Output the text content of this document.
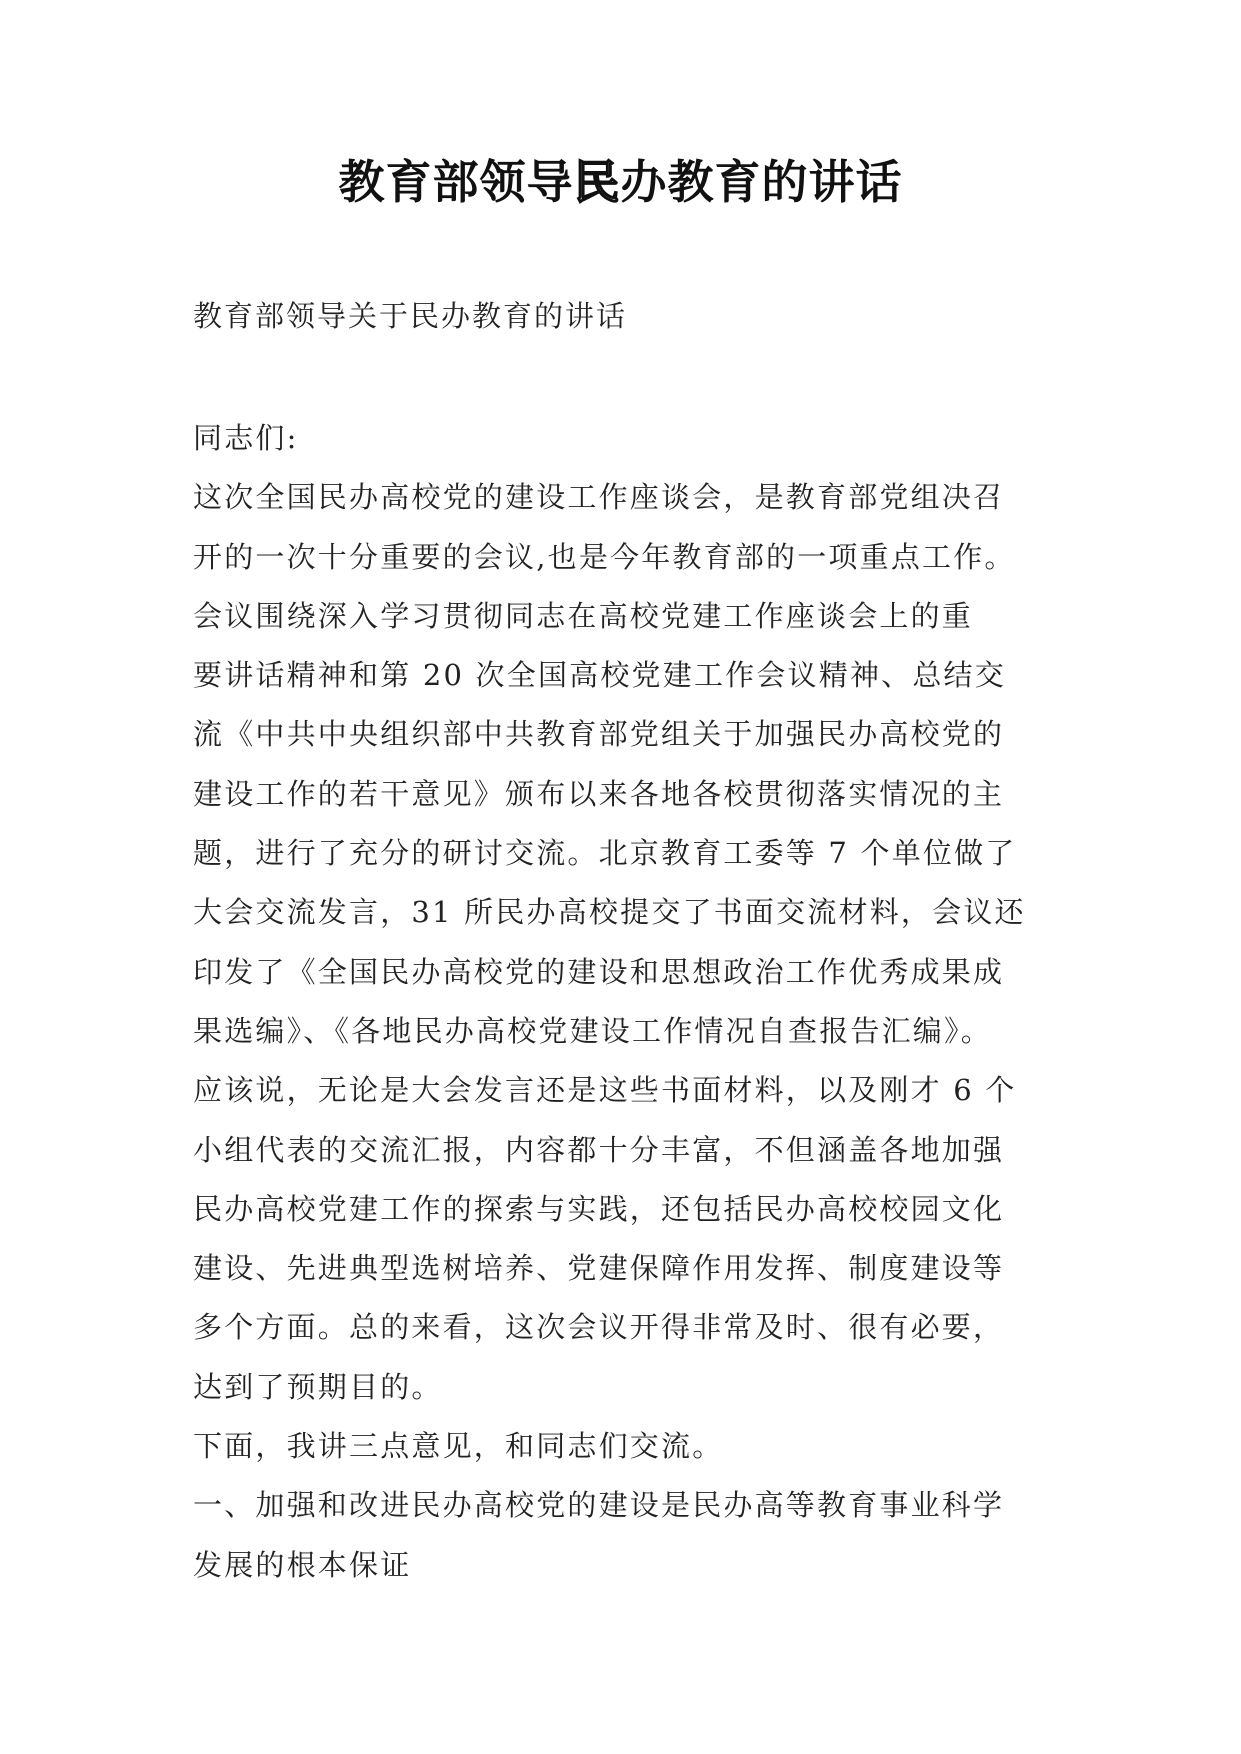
教育部领导民办教育的讲话
教育部领导关于民办教育的讲话
同志们:
这次全国民办高校党的建设工作座谈会，是教育部党组决召
开的一次十分重要的会议,也是今年教育部的一项重点工作。
会议围绕深入学习贯彻同志在高校党建工作座谈会上的重
要讲话精神和第 20 次全国高校党建工作会议精神、总结交
流《中共中央组织部中共教育部党组关于加强民办高校党的
建设工作的若干意见》颁布以来各地各校贯彻落实情况的主
题，进行了充分的研讨交流。北京教育工委等 7 个单位做了
大会交流发言，31 所民办高校提交了书面交流材料，会议还
印发了《全国民办高校党的建设和思想政治工作优秀成果成
果选编》、《各地民办高校党建设工作情况自查报告汇编》。
应该说，无论是大会发言还是这些书面材料，以及刚才 6 个
小组代表的交流汇报，内容都十分丰富，不但涵盖各地加强
民办高校党建工作的探索与实践，还包括民办高校校园文化
建设、先进典型选树培养、党建保障作用发挥、制度建设等
多个方面。总的来看，这次会议开得非常及时、很有必要，
达到了预期目的。
下面，我讲三点意见，和同志们交流。
一、加强和改进民办高校党的建设是民办高等教育事业科学
发展的根本保证
